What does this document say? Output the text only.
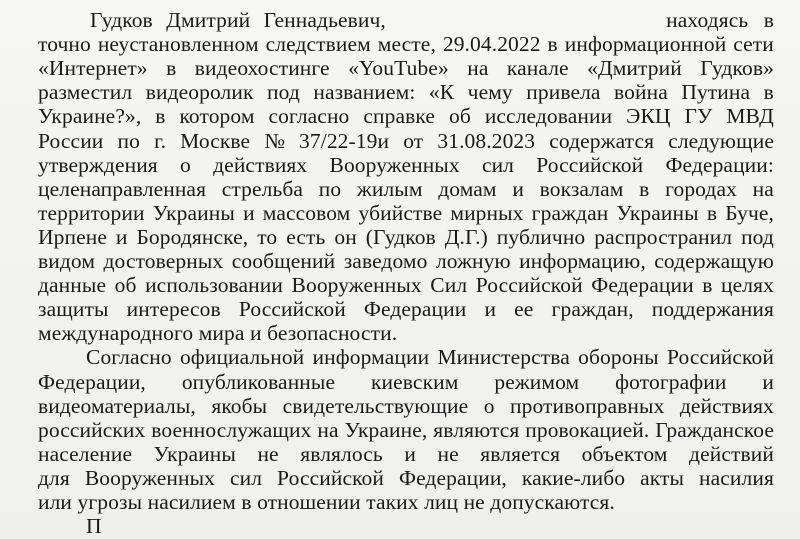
Гудков Дмитрий Геннадьевич,	находясь в
точно неустановленном следствием месте, 29.04.2022 в информационной сети
«Интернет» в видеохостинге «YouTube» на канале «Дмитрий Гудков»
разместил видеоролик под названием: «К чему привела война Путина в
Украине?», в котором согласно справке об исследовании ЭКЦ ГУ МВД
России по г. Москве № 37/22-19и от 31.08.2023 содержатся следующие
утверждения о действиях Вооруженных сил Российской Федерации:
целенаправленная стрельба по жилым домам и вокзалам в городах на
территории Украины и массовом убийстве мирных граждан Украины в Буче,
Ирпене и Бородянске, то есть он (Гудков Д.Г.) публично распространил под
видом достоверных сообщений заведомо ложную информацию, содержащую
данные об использовании Вооруженных Сил Российской Федерации в целях
защиты интересов Российской Федерации и ее граждан, поддержания
международного мира и безопасности.
Согласно официальной информации Министерства обороны Российской
Федерации, опубликованные киевским режимом фотографии и
видеоматериалы, якобы свидетельствующие о противоправных действиях
российских военнослужащих на Украине, являются провокацией. Гражданское
население Украины не являлось и не является объектом действий
для Вооруженных сил Российской Федерации, какие-либо акты насилия
или угрозы насилием в отношении таких лиц не допускаются.
П
